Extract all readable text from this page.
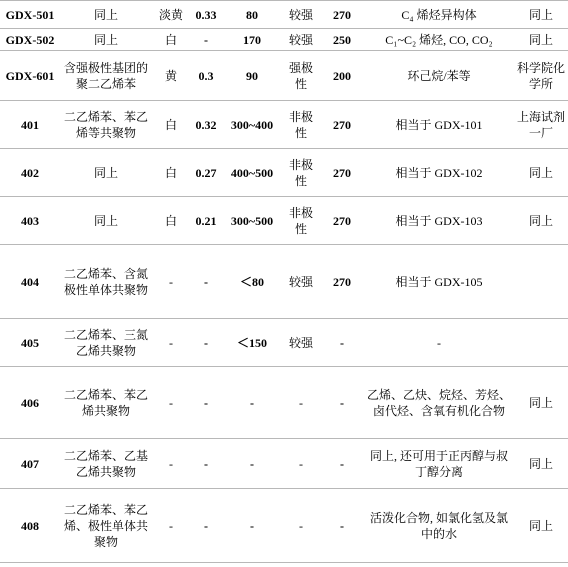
GDX-501	同上	淡黄	0.33	80	较强	270	C₄ 烯烃异构体	同上
GDX-502	同上	白	-	170	较强	250	C₁~C₂ 烯烃, CO, CO₂	同上
GDX-601	含强极性基团的聚二乙烯苯	黄	0.3	90	强极性	200	环己烷/苯等	科学院化学所
401	二乙烯苯、苯乙烯等共聚物	白	0.32	300~400	非极性	270	相当于 GDX-101	上海试剂一厂
402	同上	白	0.27	400~500	非极性	270	相当于 GDX-102	同上
403	同上	白	0.21	300~500	非极性	270	相当于 GDX-103	同上
404	二乙烯苯、含氮极性单体共聚物	-	-	＜80	较强	270	相当于 GDX-105	
405	二乙烯苯、三氮乙烯共聚物	-	-	＜150	较强	-	-	
406	二乙烯苯、苯乙烯共聚物	-	-	-	-	-	乙烯、乙炔、烷烃、芳烃、卤代烃、含氧有机化合物	同上
407	二乙烯苯、乙基乙烯共聚物	-	-	-	-	-	同上, 还可用于正丙醇与叔丁醇分离	同上
408	二乙烯苯、苯乙烯、极性单体共聚物	-	-	-	-	-	活泼化合物, 如氯化氢及氯中的水	同上
